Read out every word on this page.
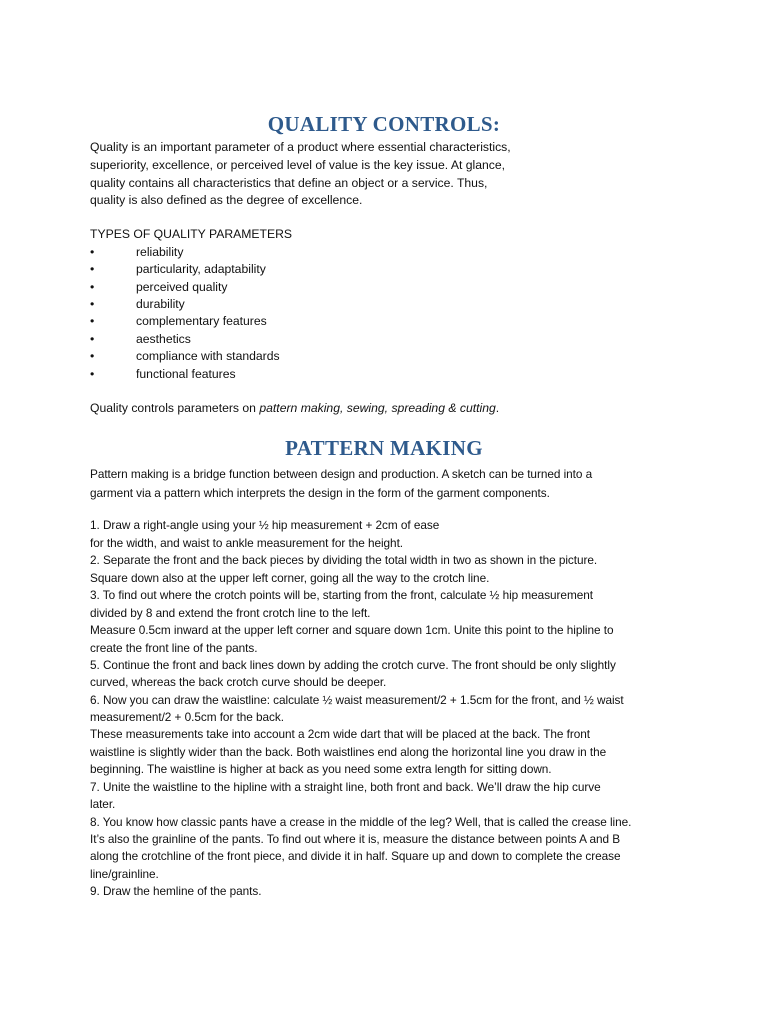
QUALITY CONTROLS:
Quality is an important parameter of a product where essential characteristics,
superiority, excellence, or perceived level of value is the key issue. At glance,
quality contains all characteristics that define an object or a service. Thus,
quality is also defined as the degree of excellence.
TYPES OF QUALITY PARAMETERS
•	reliability
•	particularity, adaptability
•	perceived quality
•	durability
•	complementary features
•	aesthetics
•	compliance with standards
•	functional features
Quality controls parameters on pattern making, sewing, spreading & cutting.
PATTERN MAKING
Pattern making is a bridge function between design and production. A sketch can be turned into a
garment via a pattern which interprets the design in the form of the garment components.
1. Draw a right-angle using your ½ hip measurement + 2cm of ease
for the width, and waist to ankle measurement for the height.
2. Separate the front and the back pieces by dividing the total width in two as shown in the picture.
Square down also at the upper left corner, going all the way to the crotch line.
3. To find out where the crotch points will be, starting from the front, calculate ½ hip measurement
divided by 8 and extend the front crotch line to the left.
Measure 0.5cm inward at the upper left corner and square down 1cm. Unite this point to the hipline to
create the front line of the pants.
5. Continue the front and back lines down by adding the crotch curve. The front should be only slightly
curved, whereas the back crotch curve should be deeper.
6. Now you can draw the waistline: calculate ½ waist measurement/2 + 1.5cm for the front, and ½ waist
measurement/2 + 0.5cm for the back.
These measurements take into account a 2cm wide dart that will be placed at the back. The front
waistline is slightly wider than the back. Both waistlines end along the horizontal line you draw in the
beginning. The waistline is higher at back as you need some extra length for sitting down.
7. Unite the waistline to the hipline with a straight line, both front and back. We’ll draw the hip curve
later.
8. You know how classic pants have a crease in the middle of the leg? Well, that is called the crease line.
It’s also the grainline of the pants. To find out where it is, measure the distance between points A and B
along the crotchline of the front piece, and divide it in half. Square up and down to complete the crease
line/grainline.
9. Draw the hemline of the pants.
